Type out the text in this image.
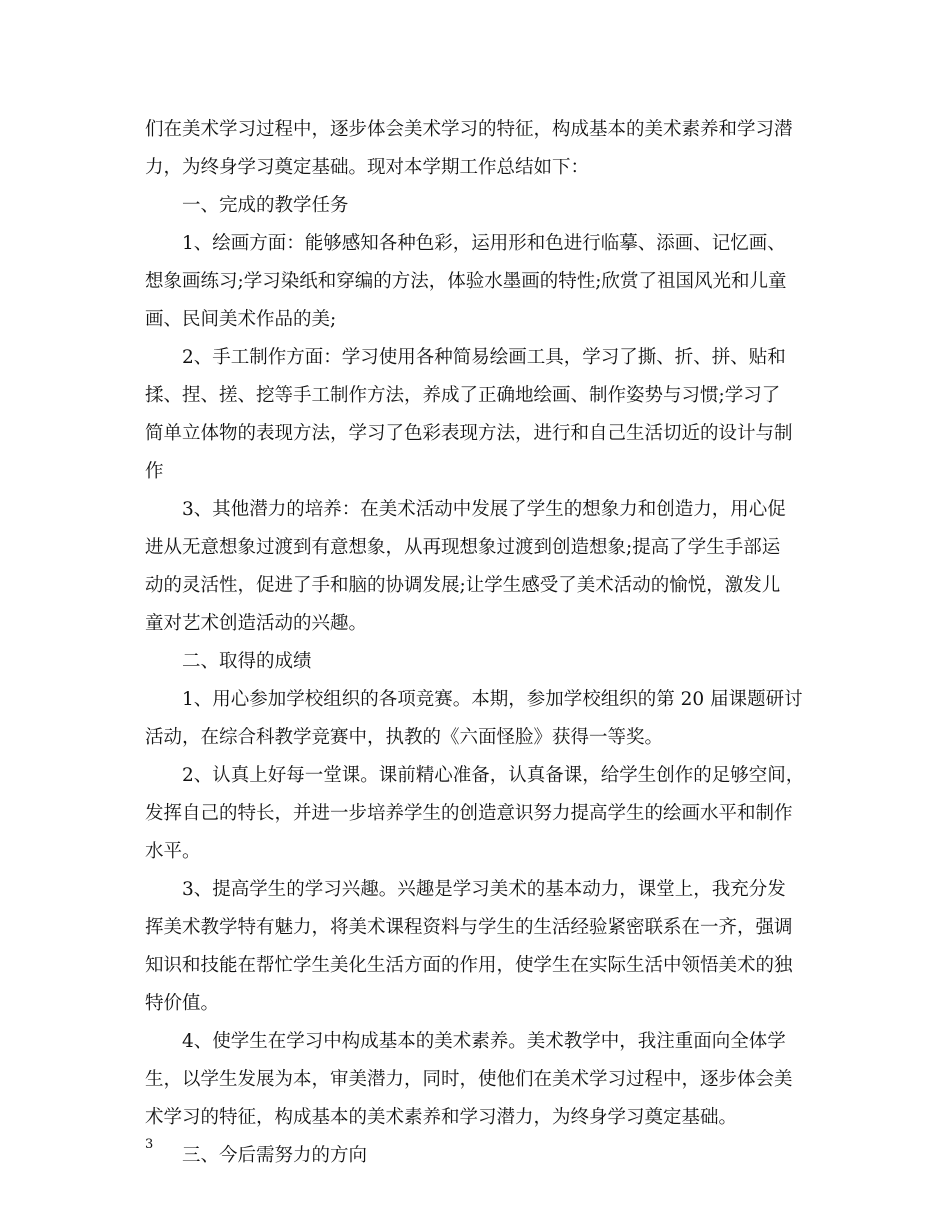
们在美术学习过程中，逐步体会美术学习的特征，构成基本的美术素养和学习潜
力，为终身学习奠定基础。现对本学期工作总结如下：
一、完成的教学任务
1、绘画方面：能够感知各种色彩，运用形和色进行临摹、添画、记忆画、
想象画练习;学习染纸和穿编的方法，体验水墨画的特性;欣赏了祖国风光和儿童
画、民间美术作品的美;
2、手工制作方面：学习使用各种简易绘画工具，学习了撕、折、拼、贴和
揉、捏、搓、挖等手工制作方法，养成了正确地绘画、制作姿势与习惯;学习了
简单立体物的表现方法，学习了色彩表现方法，进行和自己生活切近的设计与制
作
3、其他潜力的培养：在美术活动中发展了学生的想象力和创造力，用心促
进从无意想象过渡到有意想象，从再现想象过渡到创造想象;提高了学生手部运
动的灵活性，促进了手和脑的协调发展;让学生感受了美术活动的愉悦，激发儿
童对艺术创造活动的兴趣。
二、取得的成绩
1、用心参加学校组织的各项竞赛。本期，参加学校组织的第 20 届课题研讨
活动，在综合科教学竞赛中，执教的《六面怪脸》获得一等奖。
2、认真上好每一堂课。课前精心准备，认真备课，给学生创作的足够空间，
发挥自己的特长，并进一步培养学生的创造意识努力提高学生的绘画水平和制作
水平。
3、提高学生的学习兴趣。兴趣是学习美术的基本动力，课堂上，我充分发
挥美术教学特有魅力，将美术课程资料与学生的生活经验紧密联系在一齐，强调
知识和技能在帮忙学生美化生活方面的作用，使学生在实际生活中领悟美术的独
特价值。
4、使学生在学习中构成基本的美术素养。美术教学中，我注重面向全体学
生，以学生发展为本，审美潜力，同时，使他们在美术学习过程中，逐步体会美
术学习的特征，构成基本的美术素养和学习潜力，为终身学习奠定基础。
三、今后需努力的方向
3
